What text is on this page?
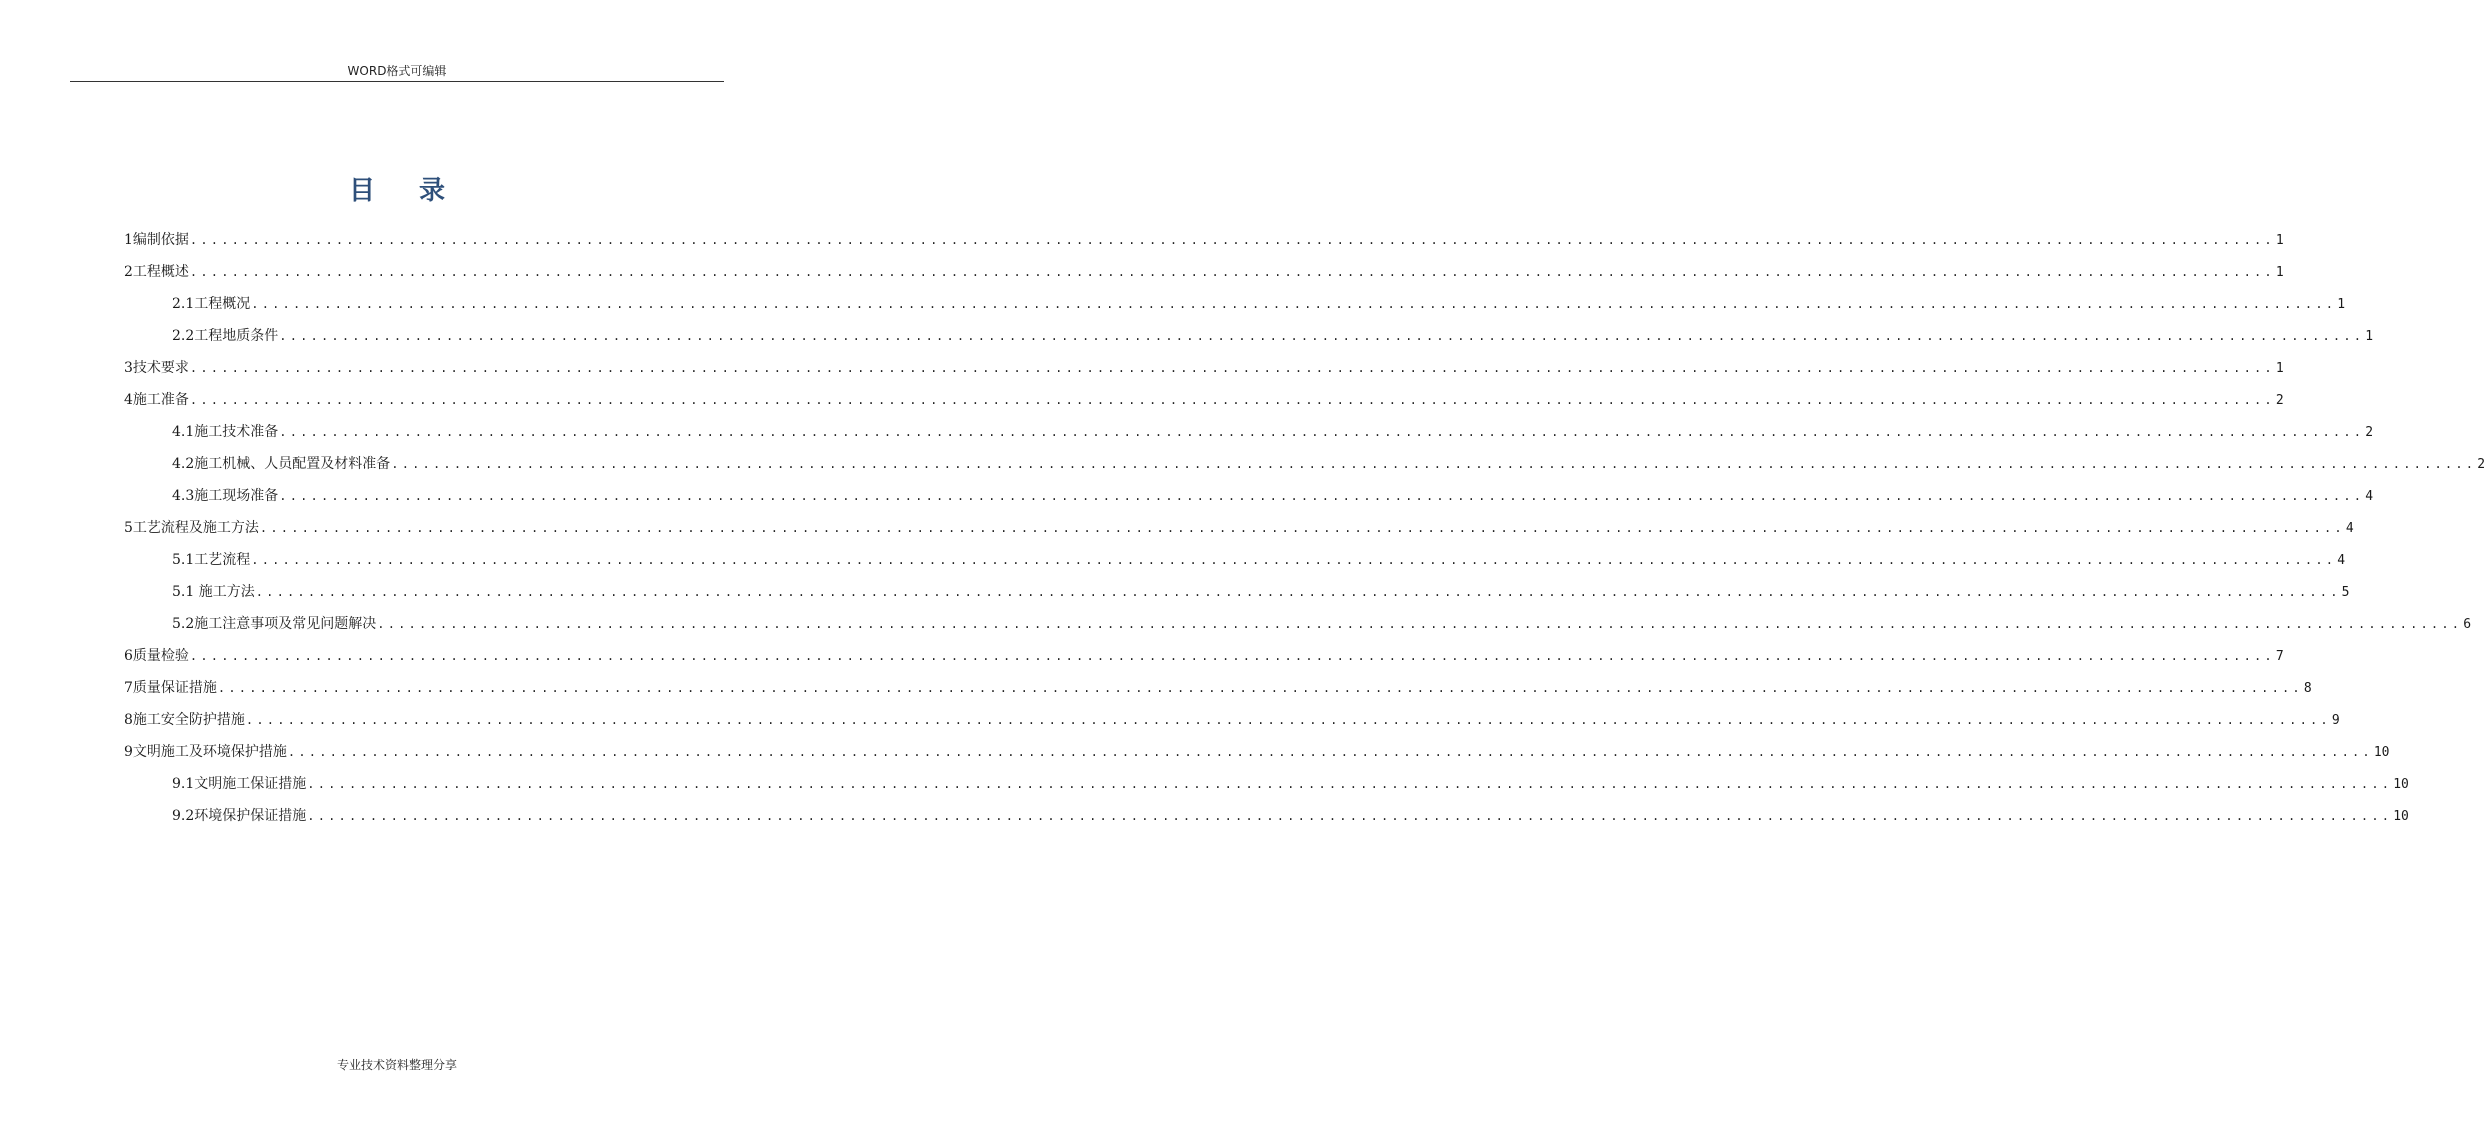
WORD格式可编辑
目录
1编制依据 ........................................................................................................................................................................................................ 1
2工程概述 ........................................................................................................................................................................................................ 1
2.1工程概况 ........................................................................................................................................................................................................ 1
2.2工程地质条件 ........................................................................................................................................................................................................ 1
3技术要求 ........................................................................................................................................................................................................ 1
4施工准备 ........................................................................................................................................................................................................ 2
4.1施工技术准备 ........................................................................................................................................................................................................ 2
4.2施工机械、人员配置及材料准备 ........................................................................................................................................................................................................ 2
4.3施工现场准备 ........................................................................................................................................................................................................ 4
5工艺流程及施工方法 ........................................................................................................................................................................................................ 4
5.1工艺流程 ........................................................................................................................................................................................................ 4
5.1 施工方法 ........................................................................................................................................................................................................ 5
5.2施工注意事项及常见问题解决 ........................................................................................................................................................................................................ 6
6质量检验 ........................................................................................................................................................................................................ 7
7质量保证措施 ........................................................................................................................................................................................................ 8
8施工安全防护措施 ........................................................................................................................................................................................................ 9
9文明施工及环境保护措施 ........................................................................................................................................................................................................ 10
9.1文明施工保证措施 ........................................................................................................................................................................................................ 10
9.2环境保护保证措施 ........................................................................................................................................................................................................ 10
专业技术资料整理分享
